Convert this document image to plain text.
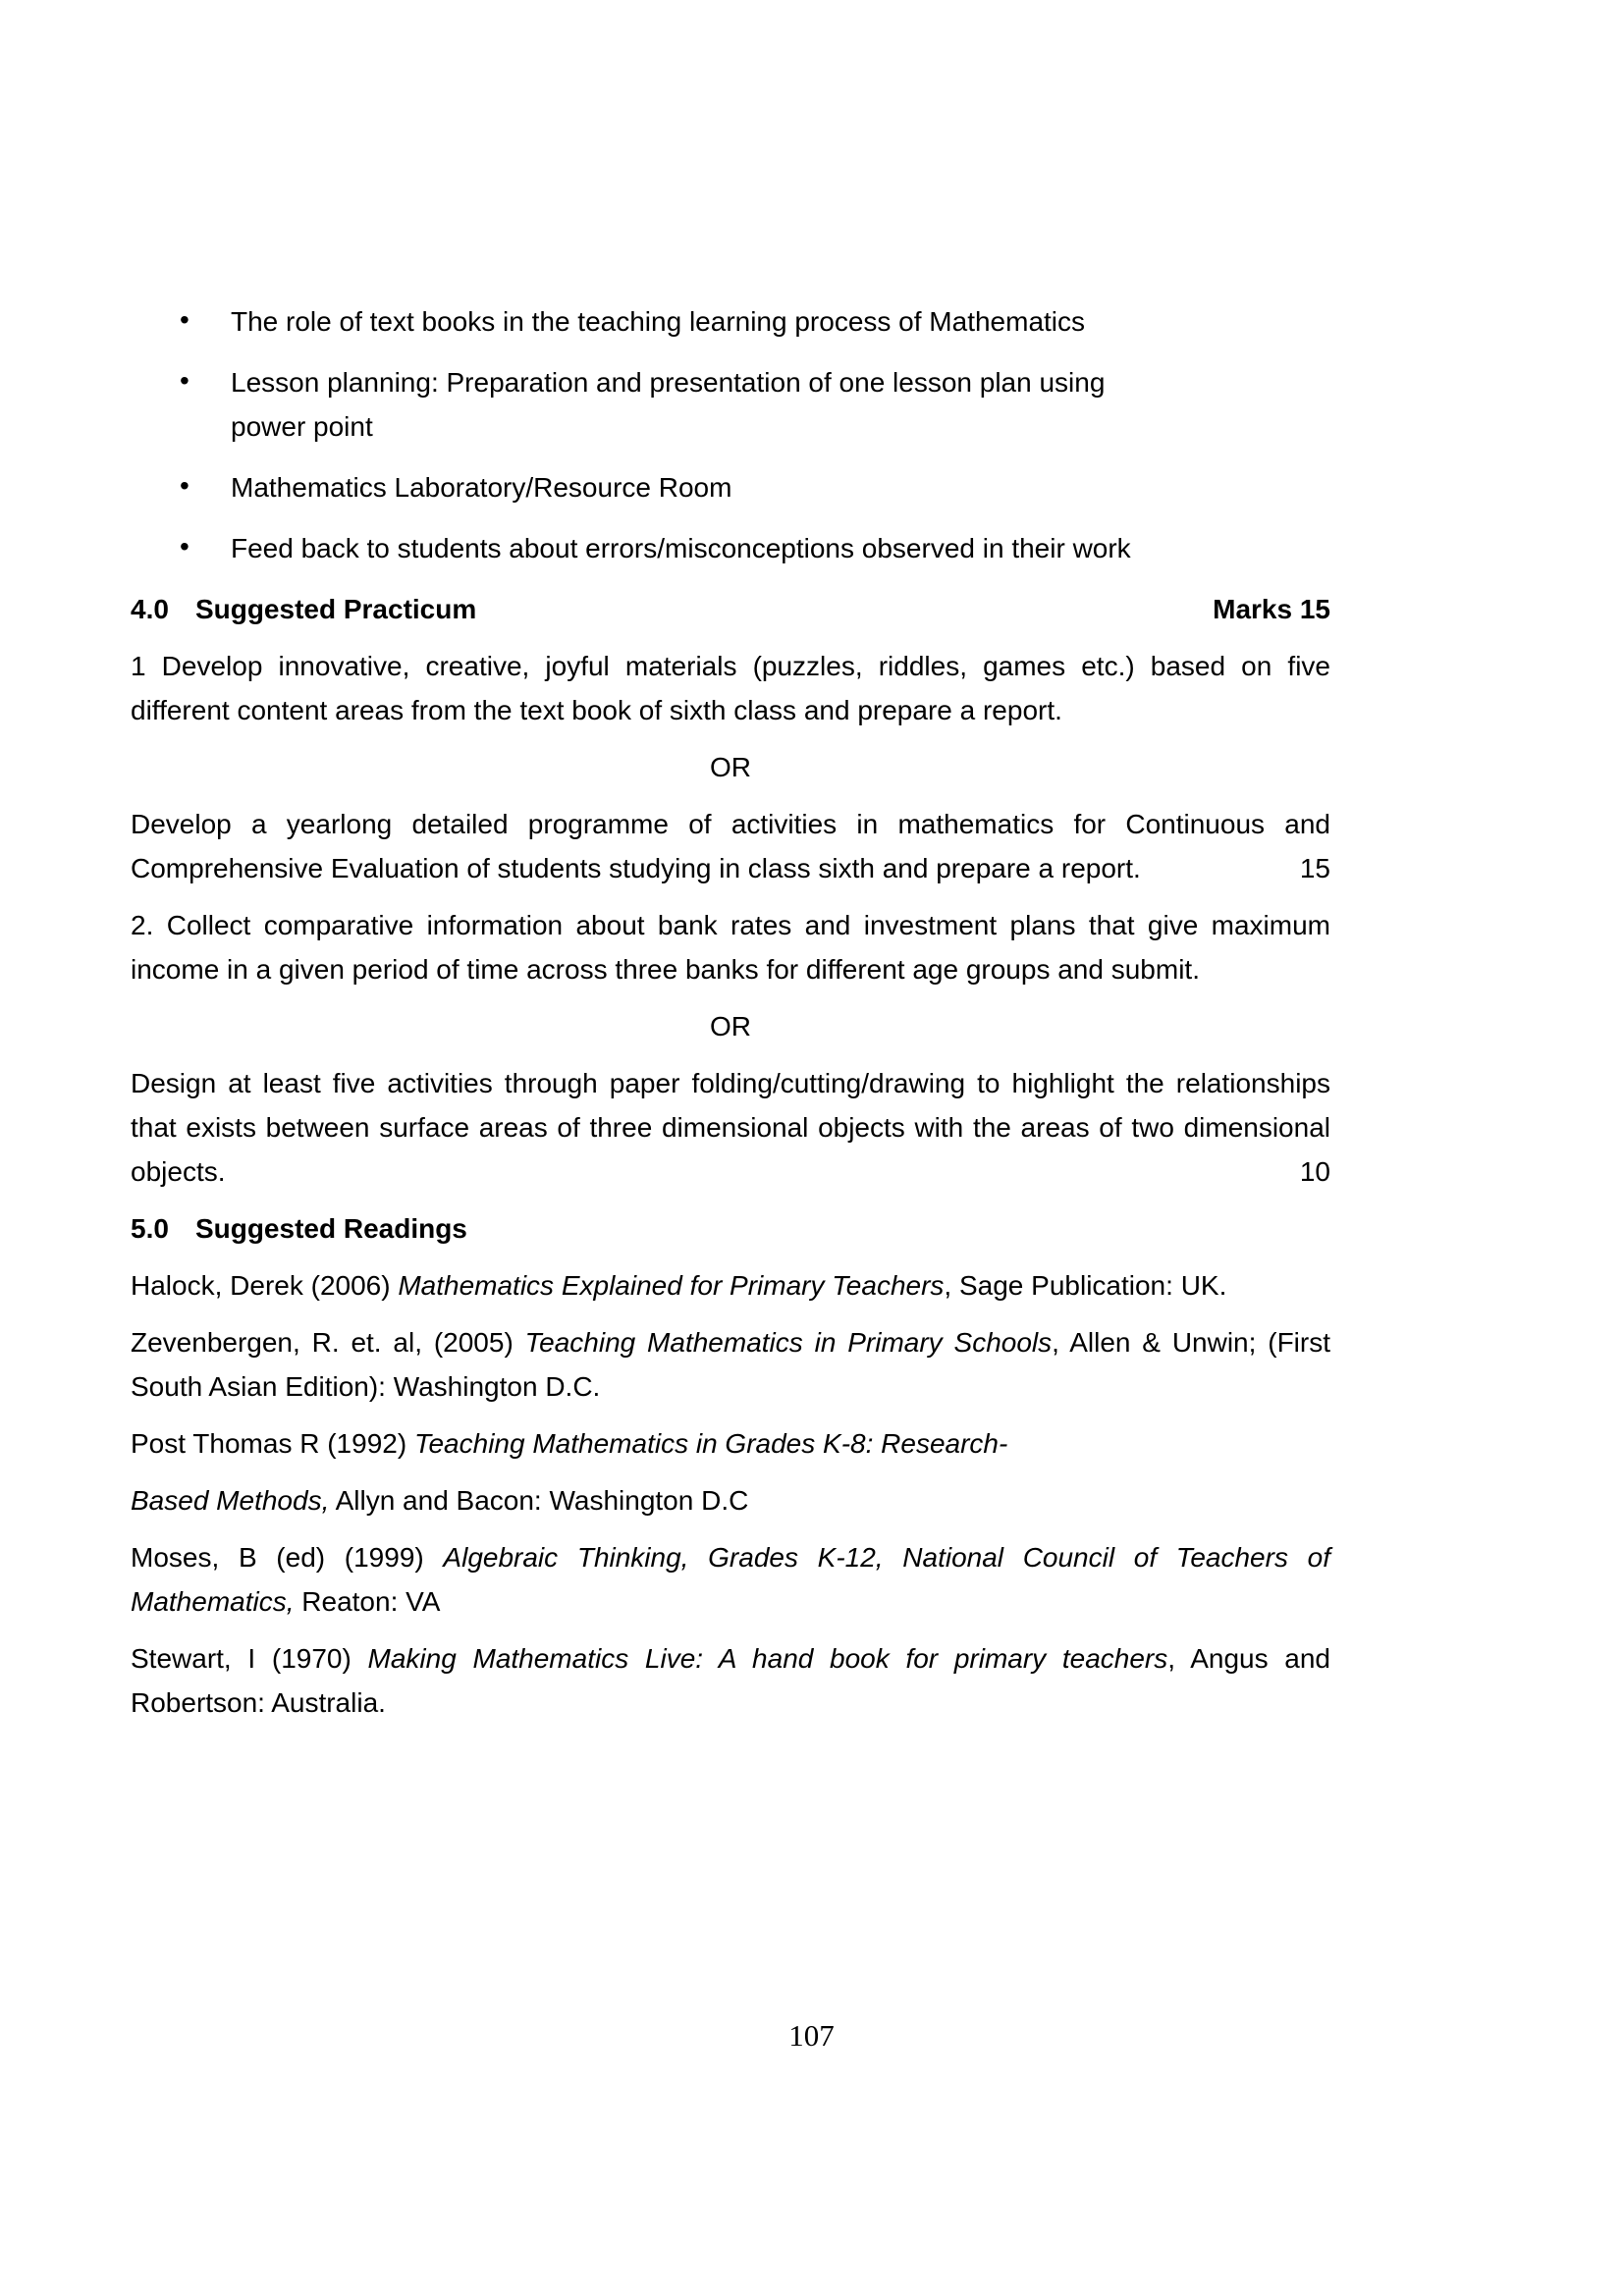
• The role of text books in the teaching learning process of Mathematics
• Lesson planning: Preparation and presentation of one lesson plan using
power point
• Mathematics Laboratory/Resource Room
• Feed back to students about errors/misconceptions observed in their work
4.0 Suggested Practicum	Marks 15

1 Develop innovative, creative, joyful materials (puzzles, riddles, games etc.) based on five different content areas from the text book of sixth class and prepare a report.

OR

Develop a yearlong detailed programme of activities in mathematics for Continuous and Comprehensive Evaluation of students studying in class sixth and prepare a report.	15

2. Collect comparative information about bank rates and investment plans that give maximum income in a given period of time across three banks for different age groups and submit.

OR

Design at least five activities through paper folding/cutting/drawing to highlight the relationships that exists between surface areas of three dimensional objects with the areas of two dimensional objects.	10

5.0 Suggested Readings

Halock, Derek (2006) Mathematics Explained for Primary Teachers, Sage Publication: UK.

Zevenbergen, R. et. al, (2005) Teaching Mathematics in Primary Schools, Allen & Unwin; (First South Asian Edition): Washington D.C.

Post Thomas R (1992) Teaching Mathematics in Grades K-8: Research-

Based Methods, Allyn and Bacon: Washington D.C

Moses, B (ed) (1999) Algebraic Thinking, Grades K-12, National Council of Teachers of Mathematics, Reaton: VA

Stewart, I (1970) Making Mathematics Live: A hand book for primary teachers, Angus and Robertson: Australia.

107
